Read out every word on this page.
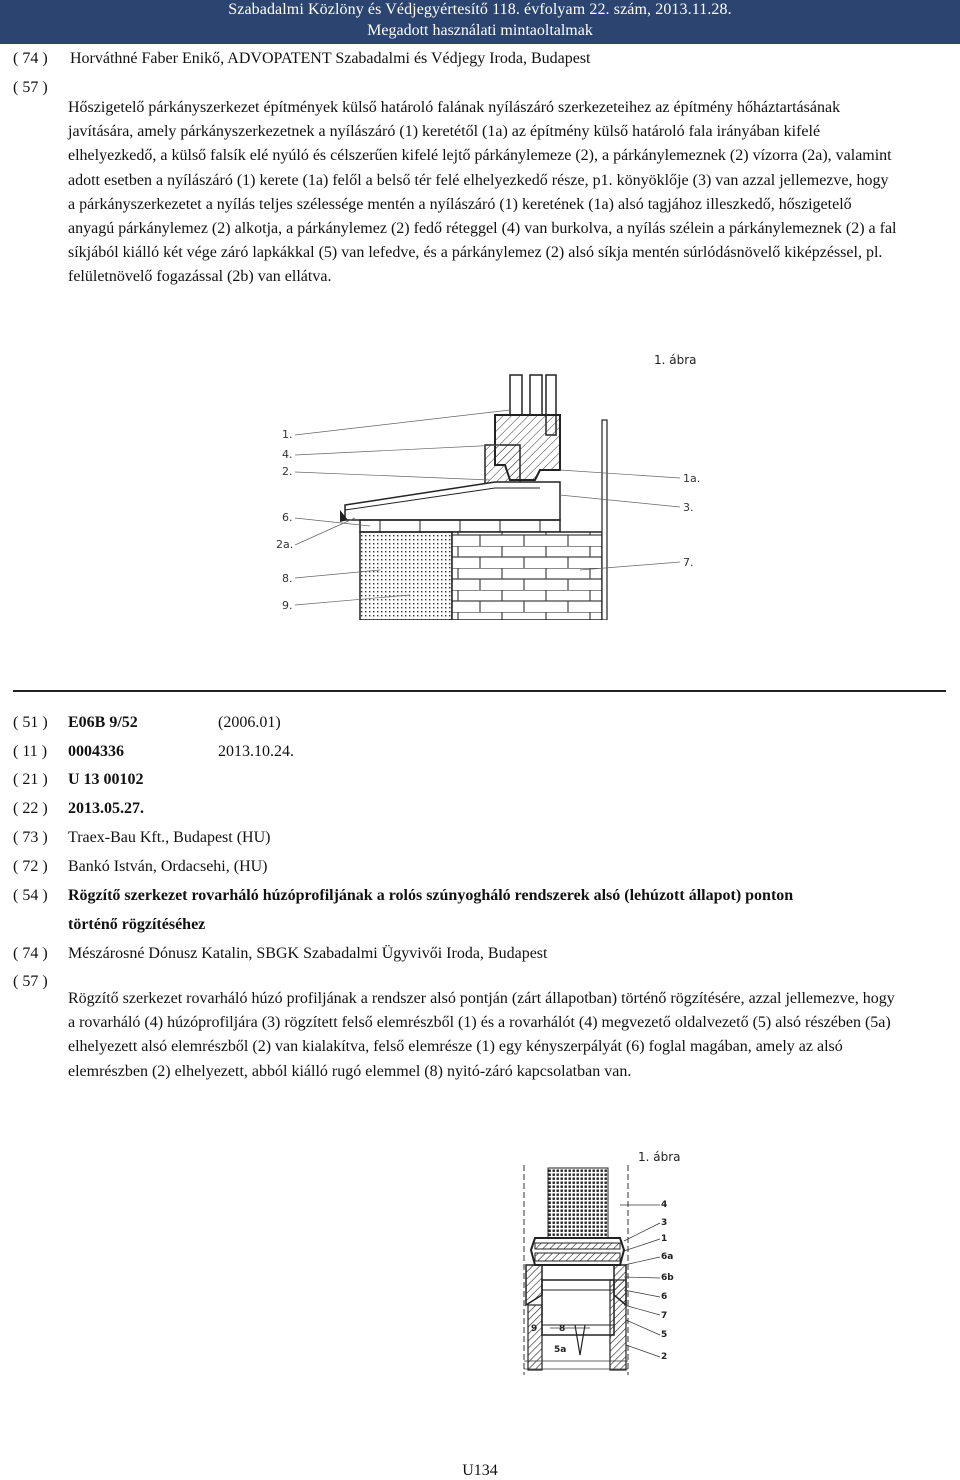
Szabadalmi Közlöny és Védjegyértesítő 118. évfolyam 22. szám, 2013.11.28.
Megadott használati mintaoltalmak
( 74 ) Horváthné Faber Enikő, ADVOPATENT Szabadalmi és Védjegy Iroda, Budapest
( 57 )

Hőszigetelő párkányszerkezet építmények külső határoló falának nyílászáró szerkezeteihez az építmény hőháztartásának javítására, amely párkányszerkezetnek a nyílászáró (1) keretétől (1a) az építmény külső határoló fala irányában kifelé elhelyezkedő, a külső falsík elé nyúló és célszerűen kifelé lejtő párkánylemeze (2), a párkánylemeznek (2) vízorra (2a), valamint adott esetben a nyílászáró (1) kerete (1a) felől a belső tér felé elhelyezkedő része, p1. könyöklője (3) van azzal jellemezve, hogy a párkányszerkezetet a nyílás teljes szélessége mentén a nyílászáró (1) keretének (1a) alsó tagjához illeszkedő, hőszigetelő anyagú párkánylemez (2) alkotja, a párkánylemez (2) fedő réteggel (4) van burkolva, a nyílás szélein a párkánylemeznek (2) a fal síkjából kiálló két vége záró lapkákkal (5) van lefedve, és a párkánylemez (2) alsó síkja mentén súrlódásnövelő kiképzéssel, pl. felületnövelő fogazással (2b) van ellátva.

1. ábra
1.
4.
2.
6.
2a.
8.
9.
1a.
3.
7.
( 51 ) E06B 9/52	(2006.01)
( 11 ) 0004336	2013.10.24.
( 21 ) U 13 00102
( 22 ) 2013.05.27.
( 73 ) Traex-Bau Kft., Budapest (HU)
( 72 ) Bankó István, Ordacsehi, (HU)
( 54 ) Rögzítő szerkezet rovarháló húzóprofiljának a rolós szúnyogháló rendszerek alsó (lehúzott állapot) ponton
történő rögzítéséhez
( 74 ) Mészárosné Dónusz Katalin, SBGK Szabadalmi Ügyvivői Iroda, Budapest
( 57 )

Rögzítő szerkezet rovarháló húzó profiljának a rendszer alsó pontján (zárt állapotban) történő rögzítésére, azzal jellemezve, hogy a rovarháló (4) húzóprofiljára (3) rögzített felső elemrészből (1) és a rovarhálót (4) megvezető oldalvezető (5) alsó részében (5a) elhelyezett alsó elemrészből (2) van kialakítva, felső elemrésze (1) egy kényszerpályát (6) foglal magában, amely az alsó elemrészben (2) elhelyezett, abból kiálló rugó elemmel (8) nyitó-záró kapcsolatban van.

1. ábra
4
3
1
6a
6b
6
7
5
2
9 8
5a
U134
